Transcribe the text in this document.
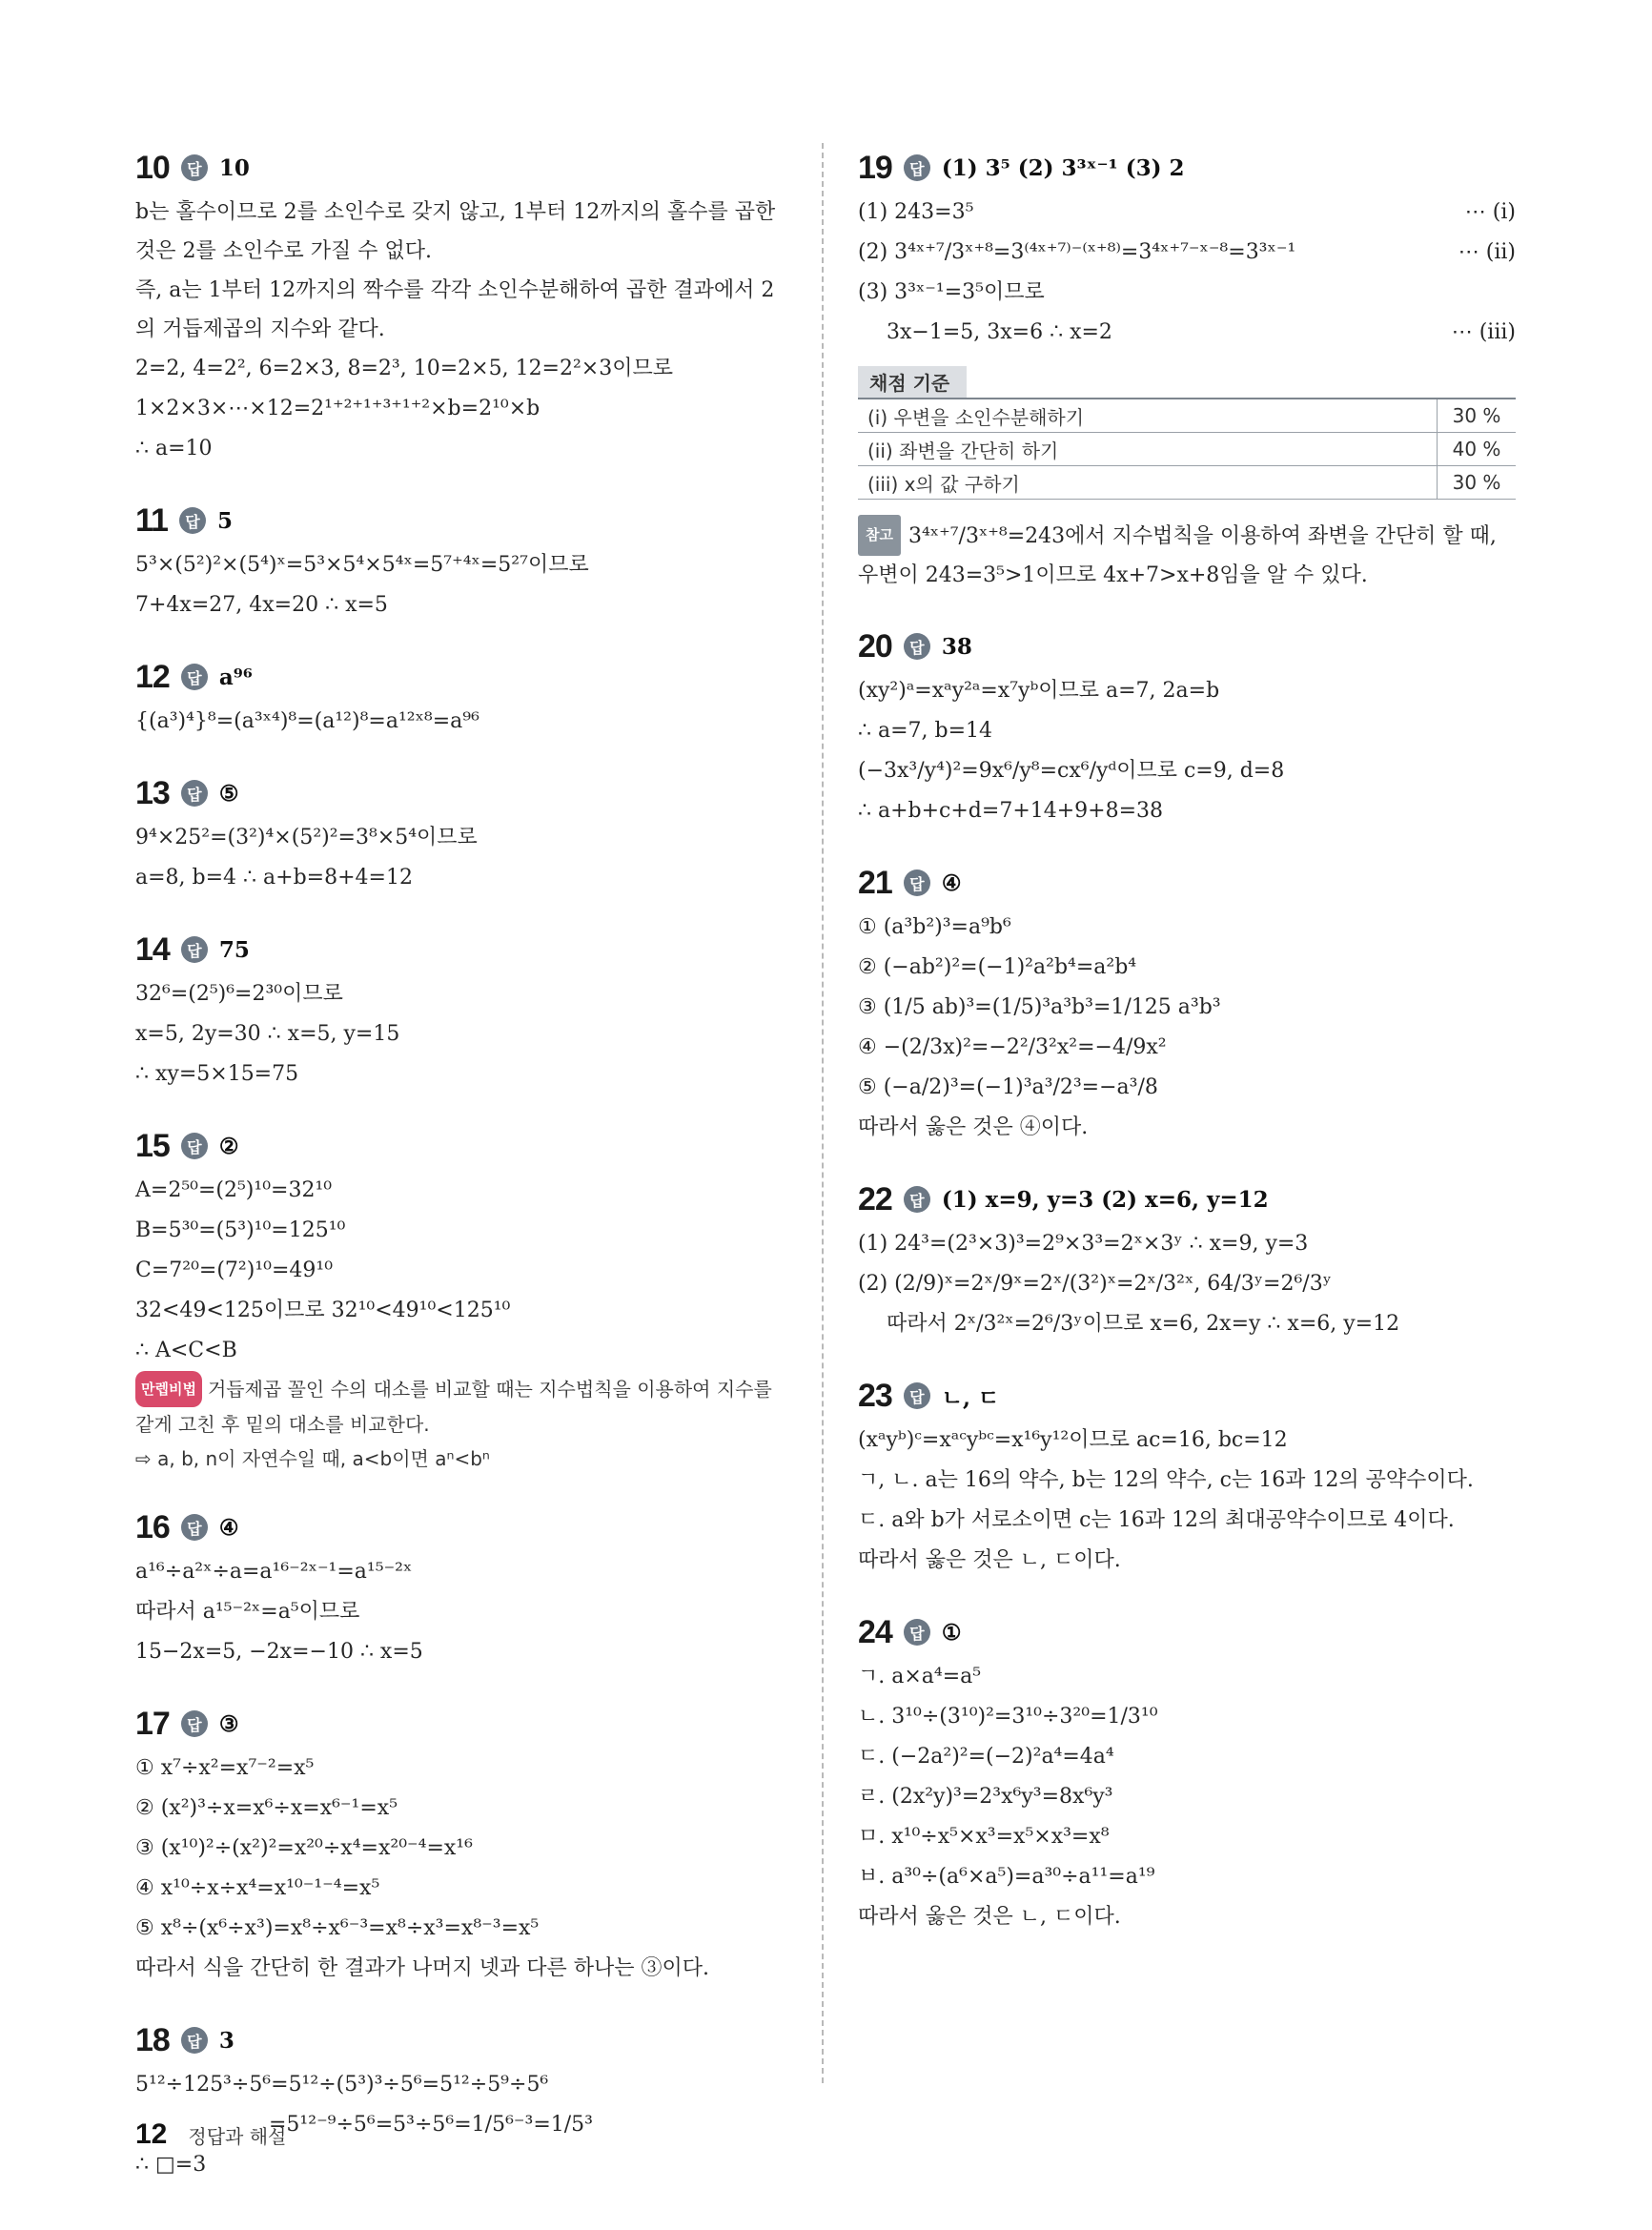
10	답 10
b는 홀수이므로 2를 소인수로 갖지 않고, 1부터 12까지의 홀수를 곱한 것은 2를 소인수로 가질 수 없다.
즉, a는 1부터 12까지의 짝수를 각각 소인수분해하여 곱한 결과에서 2의 거듭제곱의 지수와 같다.
2=2, 4=2², 6=2×3, 8=2³, 10=2×5, 12=2²×3이므로
1×2×3×⋯×12=2¹⁺²⁺¹⁺³⁺¹⁺²×b=2¹⁰×b
∴ a=10
11	답 5
5³×(5²)²×(5⁴)ˣ=5³×5⁴×5⁴ˣ=5⁷⁺⁴ˣ=5²⁷이므로
7+4x=27, 4x=20 ∴ x=5
12	답 a⁹⁶
{(a³)⁴}⁸=(a³ˣ⁴)⁸=(a¹²)⁸=a¹²ˣ⁸=a⁹⁶
13	답 ⑤
9⁴×25²=(3²)⁴×(5²)²=3⁸×5⁴이므로
a=8, b=4 ∴ a+b=8+4=12
14	답 75
32⁶=(2⁵)⁶=2³⁰이므로
x=5, 2y=30 ∴ x=5, y=15
∴ xy=5×15=75
15	답 ②
A=2⁵⁰=(2⁵)¹⁰=32¹⁰
B=5³⁰=(5³)¹⁰=125¹⁰
C=7²⁰=(7²)¹⁰=49¹⁰
32<49<125이므로 32¹⁰<49¹⁰<125¹⁰
∴ A<C<B
만렙비법 거듭제곱 꼴인 수의 대소를 비교할 때는 지수법칙을 이용하여 지수를 같게 고친 후 밑의 대소를 비교한다.
⇨ a, b, n이 자연수일 때, a<b이면 aⁿ<bⁿ
16	답 ④
a¹⁶÷a²ˣ÷a=a¹⁶⁻²ˣ⁻¹=a¹⁵⁻²ˣ
따라서 a¹⁵⁻²ˣ=a⁵이므로
15−2x=5, −2x=−10 ∴ x=5
17	답 ③
① x⁷÷x²=x⁷⁻²=x⁵
② (x²)³÷x=x⁶÷x=x⁶⁻¹=x⁵
③ (x¹⁰)²÷(x²)²=x²⁰÷x⁴=x²⁰⁻⁴=x¹⁶
④ x¹⁰÷x÷x⁴=x¹⁰⁻¹⁻⁴=x⁵
⑤ x⁸÷(x⁶÷x³)=x⁸÷x⁶⁻³=x⁸÷x³=x⁸⁻³=x⁵
따라서 식을 간단히 한 결과가 나머지 넷과 다른 하나는 ③이다.
18	답 3
5¹²÷125³÷5⁶=5¹²÷(5³)³÷5⁶=5¹²÷5⁹÷5⁶
=5¹²⁻⁹÷5⁶=5³÷5⁶=1/5⁶⁻³=1/5³
∴ □=3
19	답 (1) 3⁵ (2) 3³ˣ⁻¹ (3) 2
(1) 243=3⁵	⋯ (i)
(2) 3⁴ˣ⁺⁷/3ˣ⁺⁸=3⁽⁴ˣ⁺⁷⁾⁻⁽ˣ⁺⁸⁾=3⁴ˣ⁺⁷⁻ˣ⁻⁸=3³ˣ⁻¹	⋯ (ii)
(3) 3³ˣ⁻¹=3⁵이므로
3x−1=5, 3x=6 ∴ x=2	⋯ (iii)
채점 기준
(i) 우변을 소인수분해하기	30 %
(ii) 좌변을 간단히 하기	40 %
(iii) x의 값 구하기	30 %
참고 3⁴ˣ⁺⁷/3ˣ⁺⁸=243에서 지수법칙을 이용하여 좌변을 간단히 할 때, 우변이 243=3⁵>1이므로 4x+7>x+8임을 알 수 있다.
20	답 38
(xy²)ᵃ=xᵃy²ᵃ=x⁷yᵇ이므로 a=7, 2a=b
∴ a=7, b=14
(−3x³/y⁴)²=9x⁶/y⁸=cx⁶/yᵈ이므로 c=9, d=8
∴ a+b+c+d=7+14+9+8=38
21	답 ④
① (a³b²)³=a⁹b⁶
② (−ab²)²=(−1)²a²b⁴=a²b⁴
③ (1/5 ab)³=(1/5)³a³b³=1/125 a³b³
④ −(2/3x)²=−2²/3²x²=−4/9x²
⑤ (−a/2)³=(−1)³a³/2³=−a³/8
따라서 옳은 것은 ④이다.
22	답 (1) x=9, y=3 (2) x=6, y=12
(1) 24³=(2³×3)³=2⁹×3³=2ˣ×3ʸ ∴ x=9, y=3
(2) (2/9)ˣ=2ˣ/9ˣ=2ˣ/(3²)ˣ=2ˣ/3²ˣ, 64/3ʸ=2⁶/3ʸ
따라서 2ˣ/3²ˣ=2⁶/3ʸ이므로 x=6, 2x=y ∴ x=6, y=12
23	답 ㄴ, ㄷ
(xᵃyᵇ)ᶜ=xᵃᶜyᵇᶜ=x¹⁶y¹²이므로 ac=16, bc=12
ㄱ, ㄴ. a는 16의 약수, b는 12의 약수, c는 16과 12의 공약수이다.
ㄷ. a와 b가 서로소이면 c는 16과 12의 최대공약수이므로 4이다.
따라서 옳은 것은 ㄴ, ㄷ이다.
24	답 ①
ㄱ. a×a⁴=a⁵
ㄴ. 3¹⁰÷(3¹⁰)²=3¹⁰÷3²⁰=1/3¹⁰
ㄷ. (−2a²)²=(−2)²a⁴=4a⁴
ㄹ. (2x²y)³=2³x⁶y³=8x⁶y³
ㅁ. x¹⁰÷x⁵×x³=x⁵×x³=x⁸
ㅂ. a³⁰÷(a⁶×a⁵)=a³⁰÷a¹¹=a¹⁹
따라서 옳은 것은 ㄴ, ㄷ이다.
12 정답과 해설
